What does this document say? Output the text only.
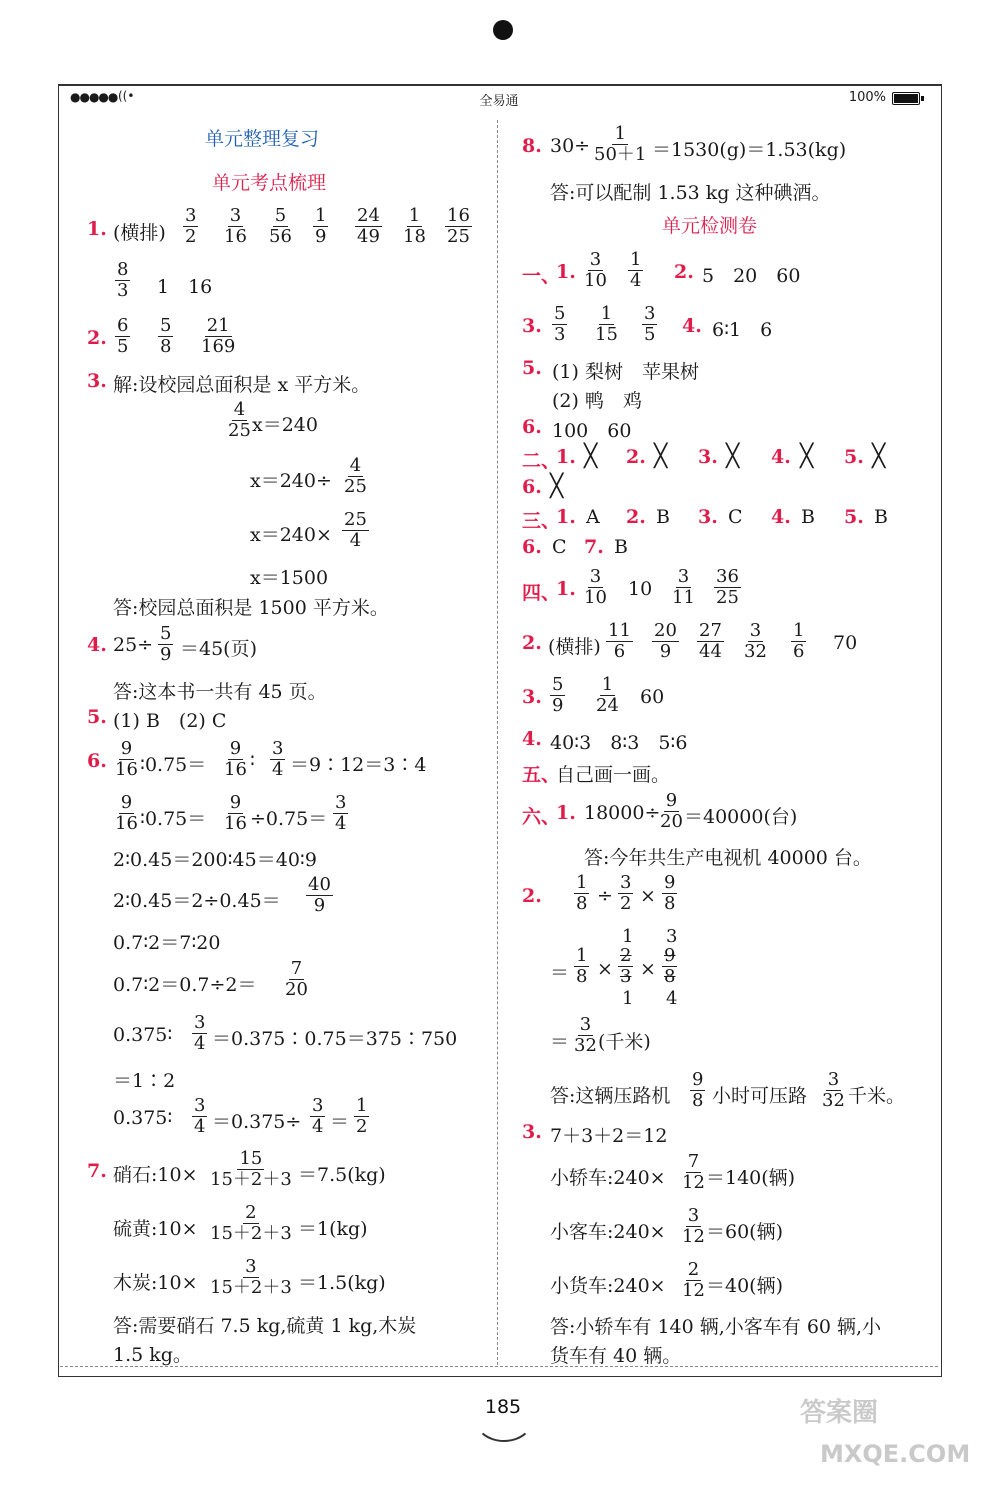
●●●●● ((•	全易通	100%
单元整理复习
单元考点梳理
1. (横排) $\frac{3}{2} \frac{3}{16} \frac{5}{56} \frac{1}{9} \frac{24}{49} \frac{1}{18} \frac{16}{25}$
$\frac{8}{3} 1$　16
2. $\frac{6}{5} \frac{5}{8} \frac{21}{169}$
3. 解:设校园总面积是 x 平方米。
$\frac{4}{25} x=240$
$x=240\div \frac{4}{25}$
$x=240\times \frac{25}{4}$
x＝1500
答:校园总面积是 1500 平方米。
4. $25\div \frac{5}{9} =45$(页)
答:这本书一共有 45 页。
5. (1) B　(2) C
6. $\frac{9}{16}$ ∶0.75＝ $\frac{9}{16}$ ∶ $\frac{3}{4}$ ＝9∶12＝3∶4
$\frac{9}{16}$ ∶0.75＝ $\frac{9}{16} \div 0.75= \frac{3}{4}$
2∶0.45＝200∶45＝40∶9
2∶0.45＝2÷0.45＝ $\frac{40}{9}$
0.7∶2＝7∶20
0.7∶2＝0.7÷2＝ $\frac{7}{20}$
0.375∶ $\frac{3}{4}$ ＝0.375∶0.75＝375∶750
＝1∶2
0.375∶ $\frac{3}{4} =0.375\div \frac{3}{4} = \frac{1}{2}$
7. 硝石:10× $\frac{15}{15+2+3} =7.5(kg)$
硫黄:10× $\frac{2}{15+2+3} =1(kg)$
木炭:10× $\frac{3}{15+2+3} =1.5(kg)$
答:需要硝石 7.5 kg,硫黄 1 kg,木炭
1.5 kg。
8. $30\div \frac{1}{50+1} =1530(g)=1.53(kg)$
答:可以配制 1.53 kg 这种碘酒。
单元检测卷
一、
1. $\frac{3}{10} \frac{1}{4} 2$. 5　20　60
3. $\frac{5}{3} \frac{1}{15} \frac{3}{5} 4$. 6∶1　6
5. (1) 梨树　苹果树
(2) 鸭　鸡
6. 100　60
二、
1. ╳ 2. ╳ 3. ╳ 4. ╳ 5. ╳
6. ╳
三、
1. A 2. B 3. C 4. B 5. B
6. C 7. B
四、
1. $\frac{3}{10} 10 \frac{3}{11} \frac{36}{25}$
2. (横排) $\frac{11}{6} \frac{20}{9} \frac{27}{44} \frac{3}{32} \frac{1}{6} 70$
3. $\frac{5}{9} \frac{1}{24} 60$
4. 40∶3　8∶3　5∶6
五、
自己画一画。
六、
1. 18000÷
$\frac{9}{20} =40000$(台)
答:今年共生产电视机 40000 台。
2. $\frac{1}{8} \div \frac{3}{2} \times \frac{9}{8}$
＝ $\frac{1}{8}$ ×
1
$\frac{2}{3}$
1
×
3
$\frac{9}{8}$
4
＝ $\frac{3}{32}$ (千米)
答:这辆压路机 $\frac{9}{8}$ 小时可压路 $\frac{3}{32}$ 千米。
3. 7＋3＋2＝12
小轿车:240× $\frac{7}{12} =140$(辆)
小客车:240× $\frac{3}{12} =60$(辆)
小货车:240× $\frac{2}{12} =40$(辆)
答:小轿车有 140 辆,小客车有 60 辆,小
货车有 40 辆。
185	答案圈
MXQE.COM
